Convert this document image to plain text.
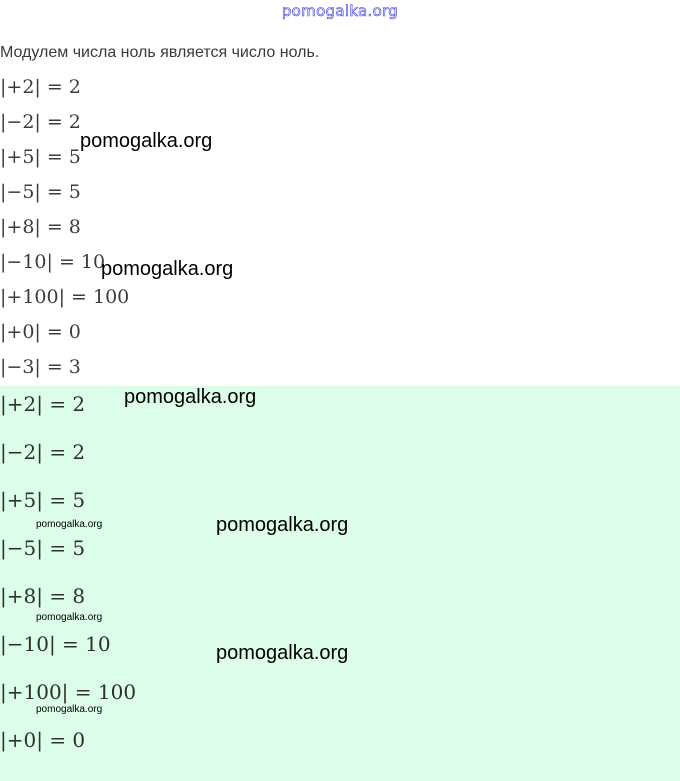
pomogalka.org
Модулем числа ноль является число ноль.
|+2| = 2
|−2| = 2
|+5| = 5
|−5| = 5
|+8| = 8
|−10| = 10
|+100| = 100
|+0| = 0
|−3| = 3
|+2| = 2
|−2| = 2
|+5| = 5
|−5| = 5
|+8| = 8
|−10| = 10
|+100| = 100
|+0| = 0
pomogalka.org
pomogalka.org
pomogalka.org
pomogalka.org
pomogalka.org
pomogalka.org
pomogalka.org
pomogalka.org
